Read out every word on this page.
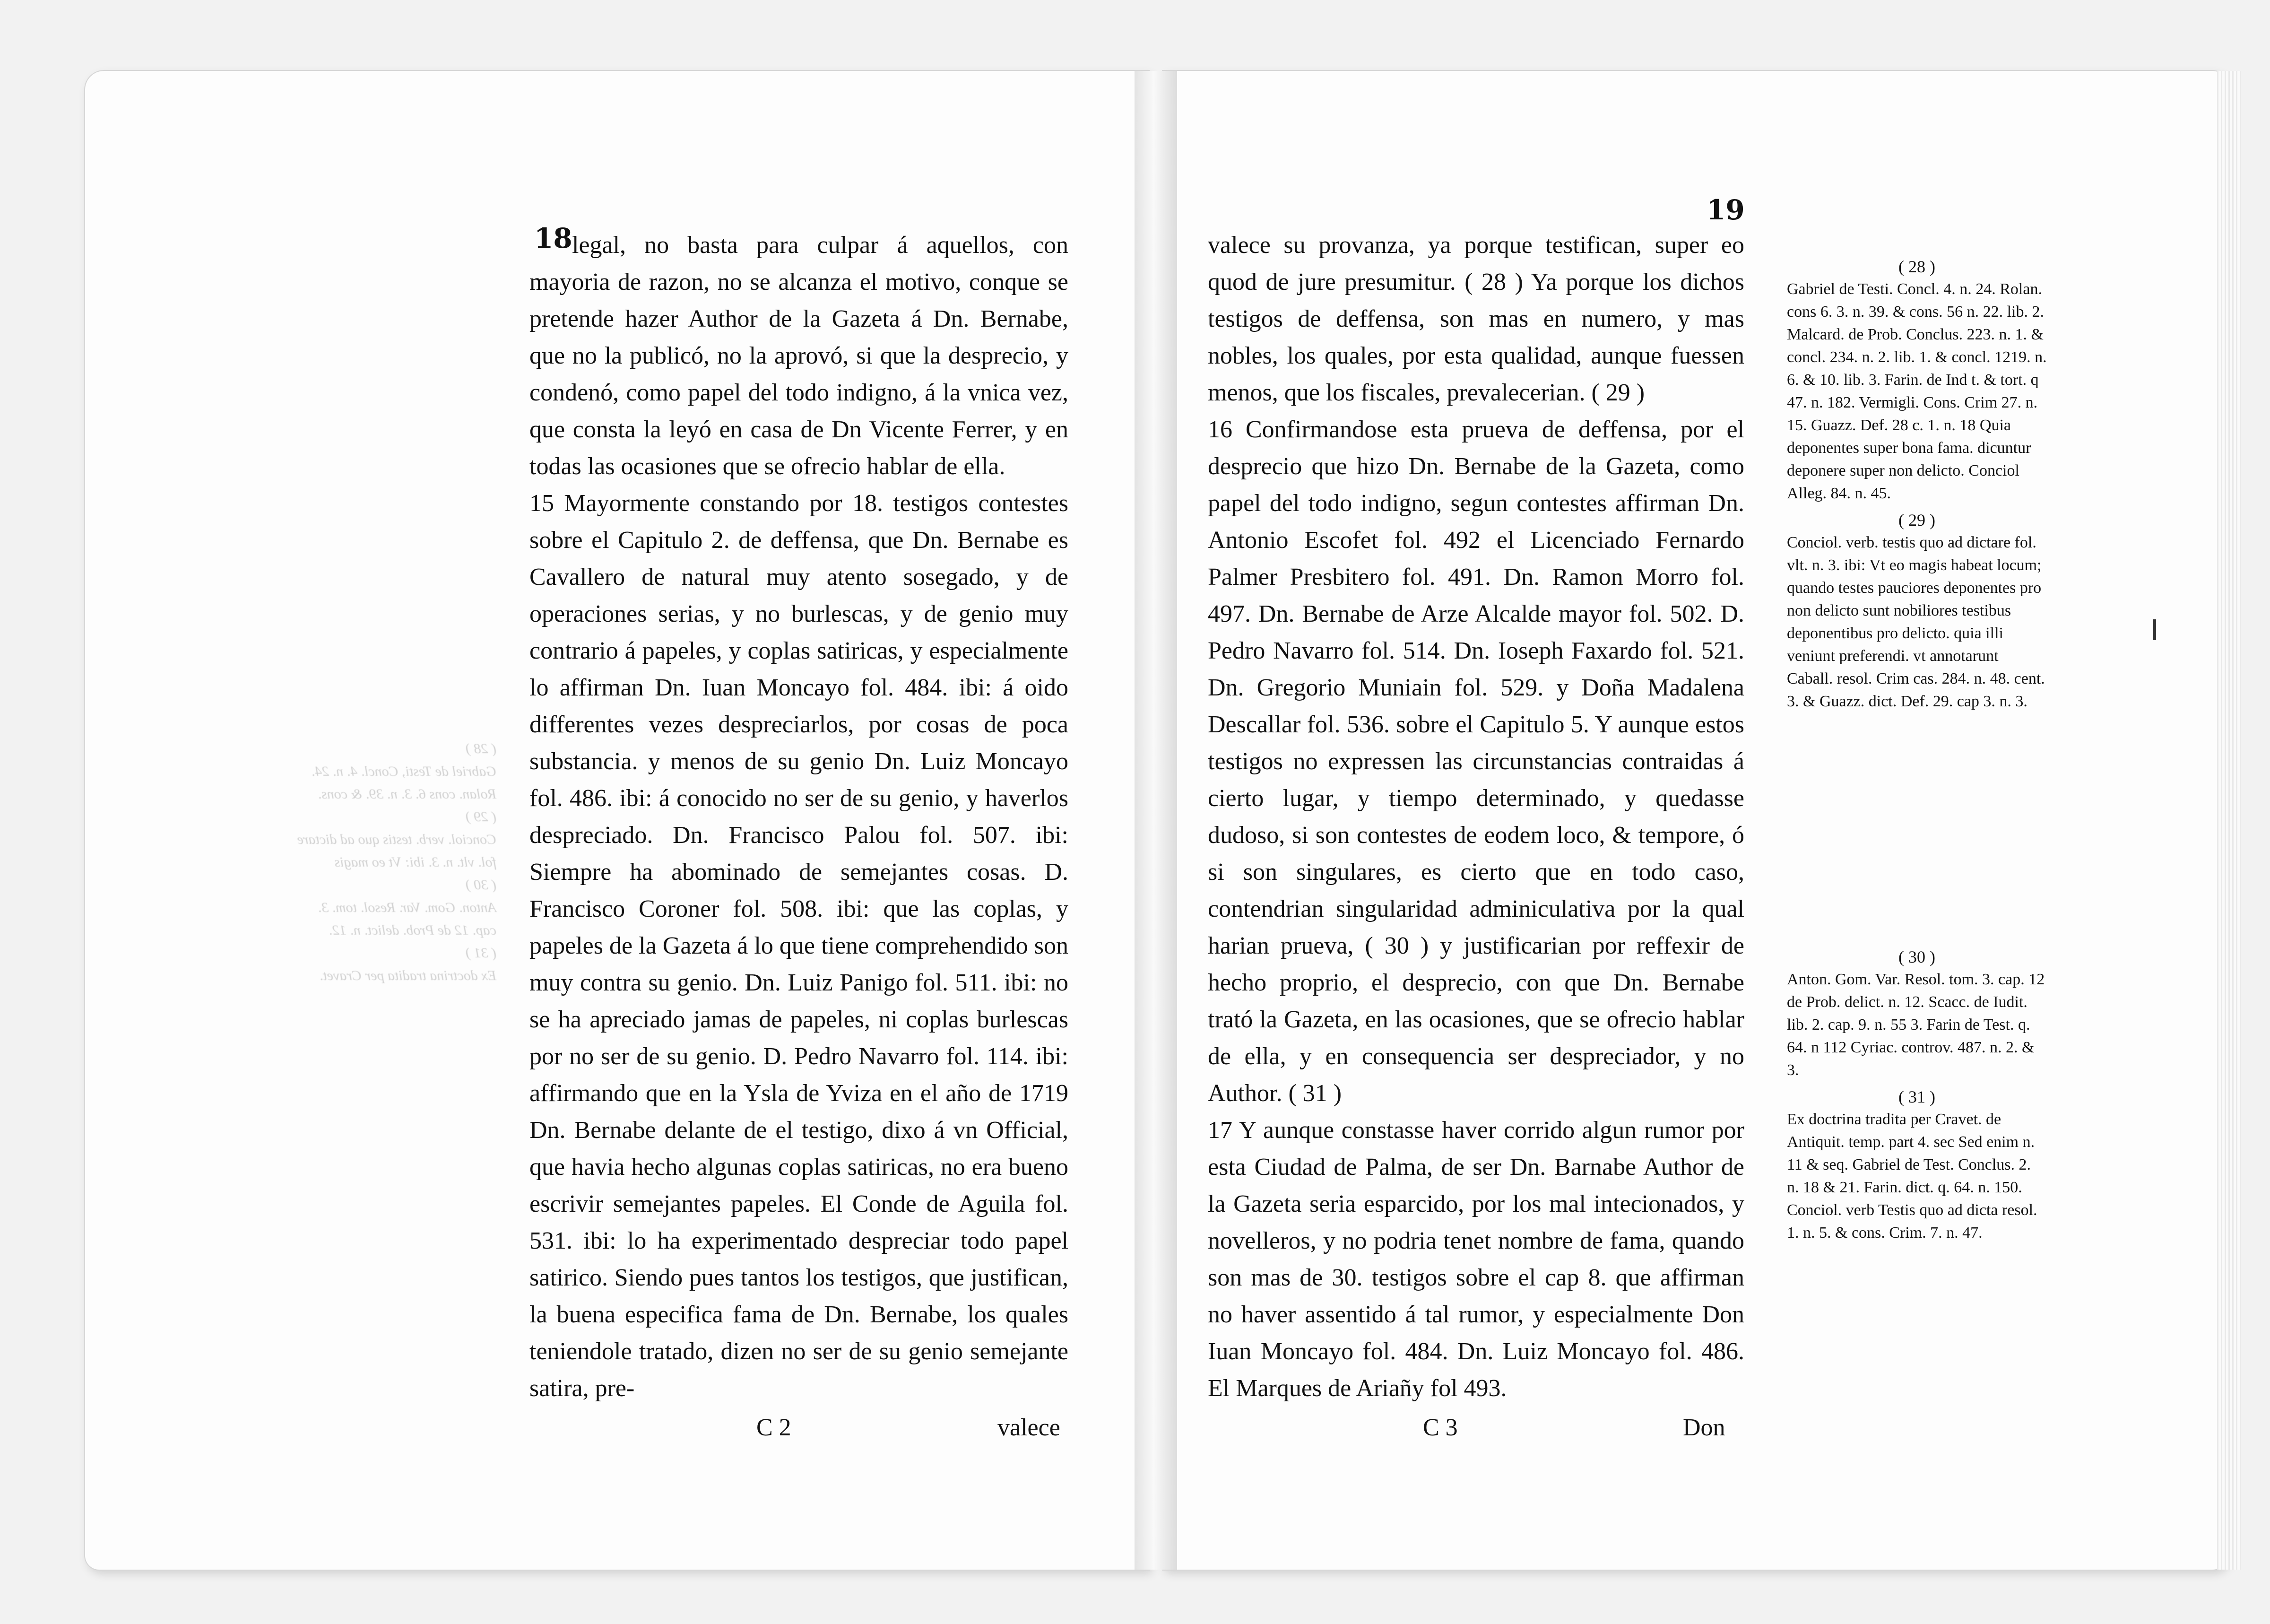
( 28 )
Gabriel de Testi, Concl. 4. n. 24.
Rolan. cons 6. 3. n. 39. & cons.
( 29 )
Conciol. verb. testis quo ad dictare
fol. vlt. n. 3. ibi: Vt eo magis
( 30 )
Anton. Gom. Var. Resol. tom. 3.
cap. 12 de Prob. delict. n. 12.
( 31 )
Ex doctrina tradita per Cravet.
18 legal, no basta para culpar á aquellos, con mayoria de razon, no se alcanza el motivo, conque se pretende hazer Author de la Gazeta á Dn. Bernabe, que no la publicó, no la aprovó, si que la desprecio, y condenó, como papel del todo indigno, á la vnica vez, que consta la leyó en casa de Dn Vicente Ferrer, y en todas las ocasiones que se ofrecio hablar de ella.

15 Mayormente constando por 18. testigos contestes sobre el Capitulo 2. de deffensa, que Dn. Bernabe es Cavallero de natural muy atento sosegado, y de operaciones serias, y no burlescas, y de genio muy contrario á papeles, y coplas satiricas, y especialmente lo affirman Dn. Iuan Moncayo fol. 484. ibi: á oido differentes vezes despreciarlos, por cosas de poca substancia. y menos de su genio Dn. Luiz Moncayo fol. 486. ibi: á conocido no ser de su genio, y haverlos despreciado. Dn. Francisco Palou fol. 507. ibi: Siempre ha abominado de semejantes cosas. D. Francisco Coroner fol. 508. ibi: que las coplas, y papeles de la Gazeta á lo que tiene comprehendido son muy contra su genio. Dn. Luiz Panigo fol. 511. ibi: no se ha apreciado jamas de papeles, ni coplas burlescas por no ser de su genio. D. Pedro Navarro fol. 114. ibi: affirmando que en la Ysla de Yviza en el año de 1719 Dn. Bernabe delante de el testigo, dixo á vn Official, que havia hecho algunas coplas satiricas, no era bueno escrivir semejantes papeles. El Conde de Aguila fol. 531. ibi: lo ha experimentado despreciar todo papel satirico. Siendo pues tantos los testigos, que justifican, la buena especifica fama de Dn. Bernabe, los quales teniendole tratado, dizen no ser de su genio semejante satira, pre-

C 2	valece
19

valece su provanza, ya porque testifican, super eo quod de jure presumitur. ( 28 ) Ya porque los dichos testigos de deffensa, son mas en numero, y mas nobles, los quales, por esta qualidad, aunque fuessen menos, que los fiscales, prevalecerian. ( 29 )

16 Confirmandose esta prueva de deffensa, por el desprecio que hizo Dn. Bernabe de la Gazeta, como papel del todo indigno, segun contestes affirman Dn. Antonio Escofet fol. 492 el Licenciado Fernardo Palmer Presbitero fol. 491. Dn. Ramon Morro fol. 497. Dn. Bernabe de Arze Alcalde mayor fol. 502. D. Pedro Navarro fol. 514. Dn. Ioseph Faxardo fol. 521. Dn. Gregorio Muniain fol. 529. y Doña Madalena Descallar fol. 536. sobre el Capitulo 5. Y aunque estos testigos no expressen las circunstancias contraidas á cierto lugar, y tiempo determinado, y quedasse dudoso, si son contestes de eodem loco, & tempore, ó si son singulares, es cierto que en todo caso, contendrian singularidad adminiculativa por la qual harian prueva, ( 30 ) y justificarian por reffexir de hecho proprio, el desprecio, con que Dn. Bernabe trató la Gazeta, en las ocasiones, que se ofrecio hablar de ella, y en consequencia ser despreciador, y no Author. ( 31 )

17 Y aunque constasse haver corrido algun rumor por esta Ciudad de Palma, de ser Dn. Barnabe Author de la Gazeta seria esparcido, por los mal intecionados, y novelleros, y no podria tenet nombre de fama, quando son mas de 30. testigos sobre el cap 8. que affirman no haver assentido á tal rumor, y especialmente Don Iuan Moncayo fol. 484. Dn. Luiz Moncayo fol. 486. El Marques de Ariañy fol 493.

C 3	Don
( 28 )
Gabriel de Testi. Concl. 4. n. 24. Rolan. cons 6. 3. n. 39. & cons. 56 n. 22. lib. 2. Malcard. de Prob. Conclus. 223. n. 1. & concl. 234. n. 2. lib. 1. & concl. 1219. n. 6. & 10. lib. 3. Farin. de Ind t. & tort. q 47. n. 182. Vermigli. Cons. Crim 27. n. 15. Guazz. Def. 28 c. 1. n. 18 Quia deponentes super bona fama. dicuntur deponere super non delicto. Conciol Alleg. 84. n. 45.
( 29 )
Conciol. verb. testis quo ad dictare fol. vlt. n. 3. ibi: Vt eo magis habeat locum; quando testes pauciores deponentes pro non delicto sunt nobiliores testibus deponentibus pro delicto. quia illi veniunt preferendi. vt annotarunt Caball. resol. Crim cas. 284. n. 48. cent. 3. & Guazz. dict. Def. 29. cap 3. n. 3.
( 30 )
Anton. Gom. Var. Resol. tom. 3. cap. 12 de Prob. delict. n. 12. Scacc. de Iudit. lib. 2. cap. 9. n. 55 3. Farin de Test. q. 64. n 112 Cyriac. controv. 487. n. 2. & 3.
( 31 )
Ex doctrina tradita per Cravet. de Antiquit. temp. part 4. sec Sed enim n. 11 & seq. Gabriel de Test. Conclus. 2. n. 18 & 21. Farin. dict. q. 64. n. 150. Conciol. verb Testis quo ad dicta resol. 1. n. 5. & cons. Crim. 7. n. 47.
